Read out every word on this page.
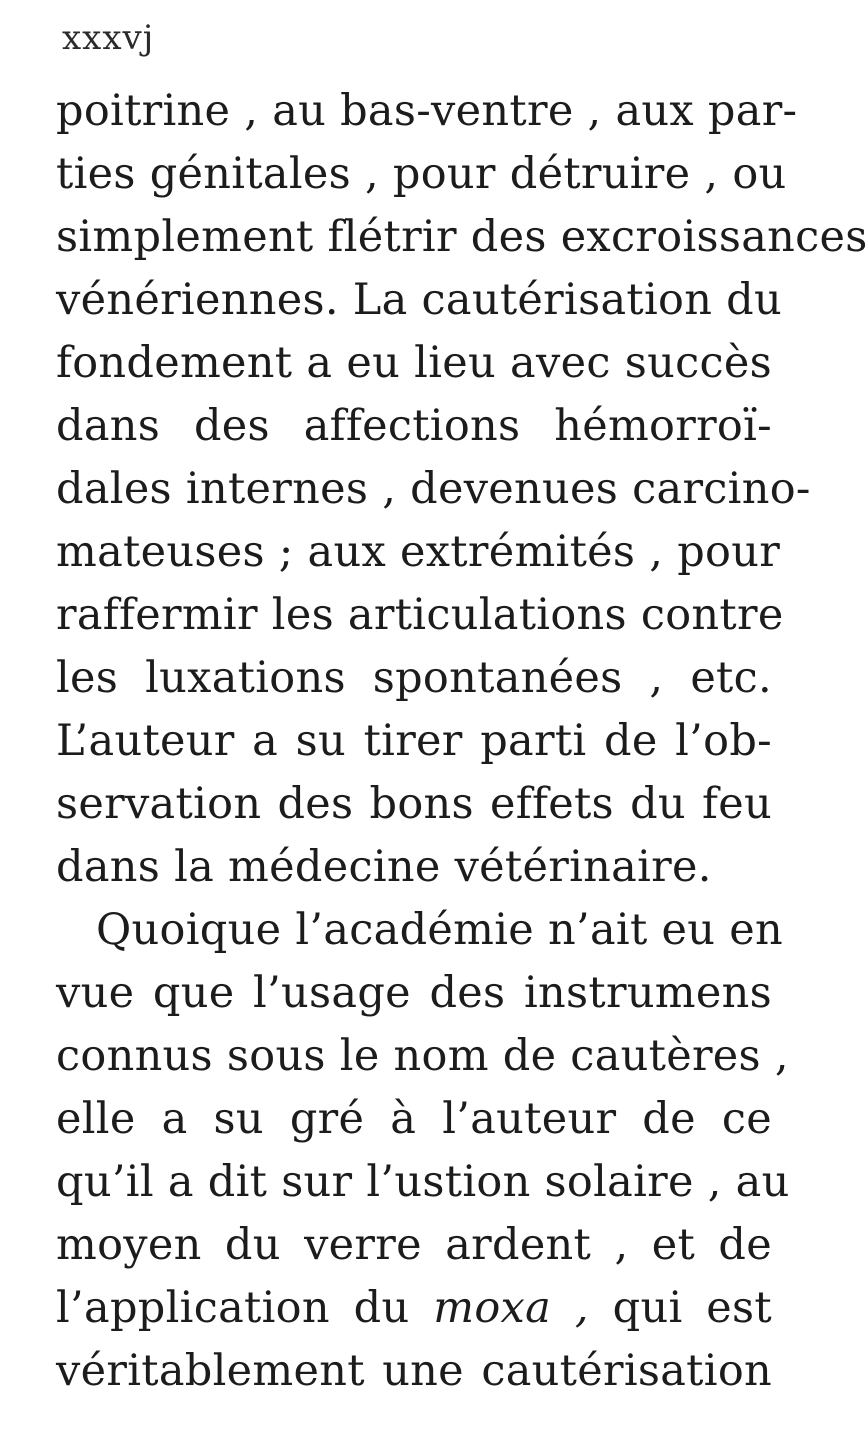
xxxvj
poitrine , au bas-ventre , aux par-
ties génitales , pour détruire , ou
simplement flétrir des excroissances
vénériennes. La cautérisation du
fondement a eu lieu avec succès
dans des affections hémorroï-
dales internes , devenues carcino-
mateuses ; aux extrémités , pour
raffermir les articulations contre
les luxations spontanées , etc.
L’auteur a su tirer parti de l’ob-
servation des bons effets du feu
dans la médecine vétérinaire.
Quoique l’académie n’ait eu en
vue que l’usage des instrumens
connus sous le nom de cautères ,
elle a su gré à l’auteur de ce
qu’il a dit sur l’ustion solaire , au
moyen du verre ardent , et de
l’application du moxa , qui est
véritablement une cautérisation
